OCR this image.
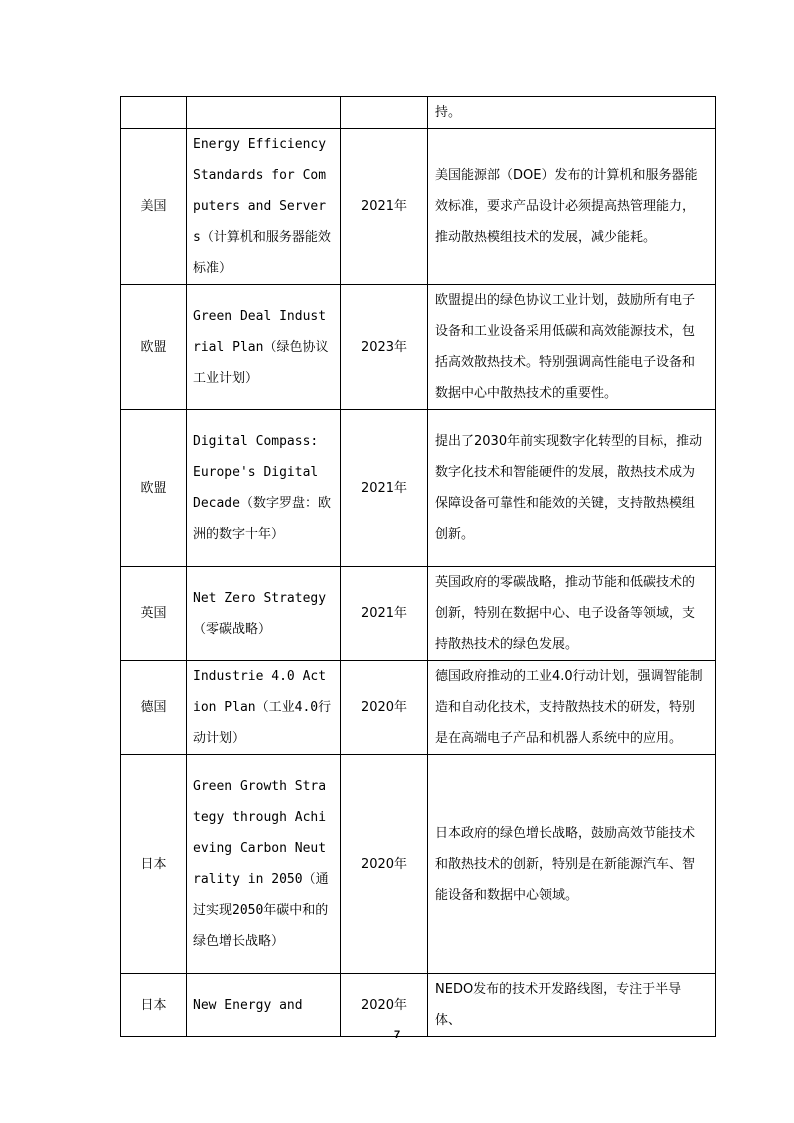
			持。
美国	Energy Efficiency Standards for Computers and Servers（计算机和服务器能效标准）	2021年	美国能源部（DOE）发布的计算机和服务器能效标准，要求产品设计必须提高热管理能力，推动散热模组技术的发展，减少能耗。
欧盟	Green Deal Industrial Plan（绿色协议工业计划）	2023年	欧盟提出的绿色协议工业计划，鼓励所有电子设备和工业设备采用低碳和高效能源技术，包括高效散热技术。特别强调高性能电子设备和数据中心中散热技术的重要性。
欧盟	Digital Compass: Europe's Digital Decade（数字罗盘：欧洲的数字十年）	2021年	提出了2030年前实现数字化转型的目标，推动数字化技术和智能硬件的发展，散热技术成为保障设备可靠性和能效的关键，支持散热模组创新。
英国	Net Zero Strategy（零碳战略）	2021年	英国政府的零碳战略，推动节能和低碳技术的创新，特别在数据中心、电子设备等领域，支持散热技术的绿色发展。
德国	Industrie 4.0 Action Plan（工业4.0行动计划）	2020年	德国政府推动的工业4.0行动计划，强调智能制造和自动化技术，支持散热技术的研发，特别是在高端电子产品和机器人系统中的应用。
日本	Green Growth Strategy through Achieving Carbon Neutrality in 2050（通过实现2050年碳中和的绿色增长战略）	2020年	日本政府的绿色增长战略，鼓励高效节能技术和散热技术的创新，特别是在新能源汽车、智能设备和数据中心领域。
日本	New Energy and	2020年	NEDO发布的技术开发路线图，专注于半导体、
7
